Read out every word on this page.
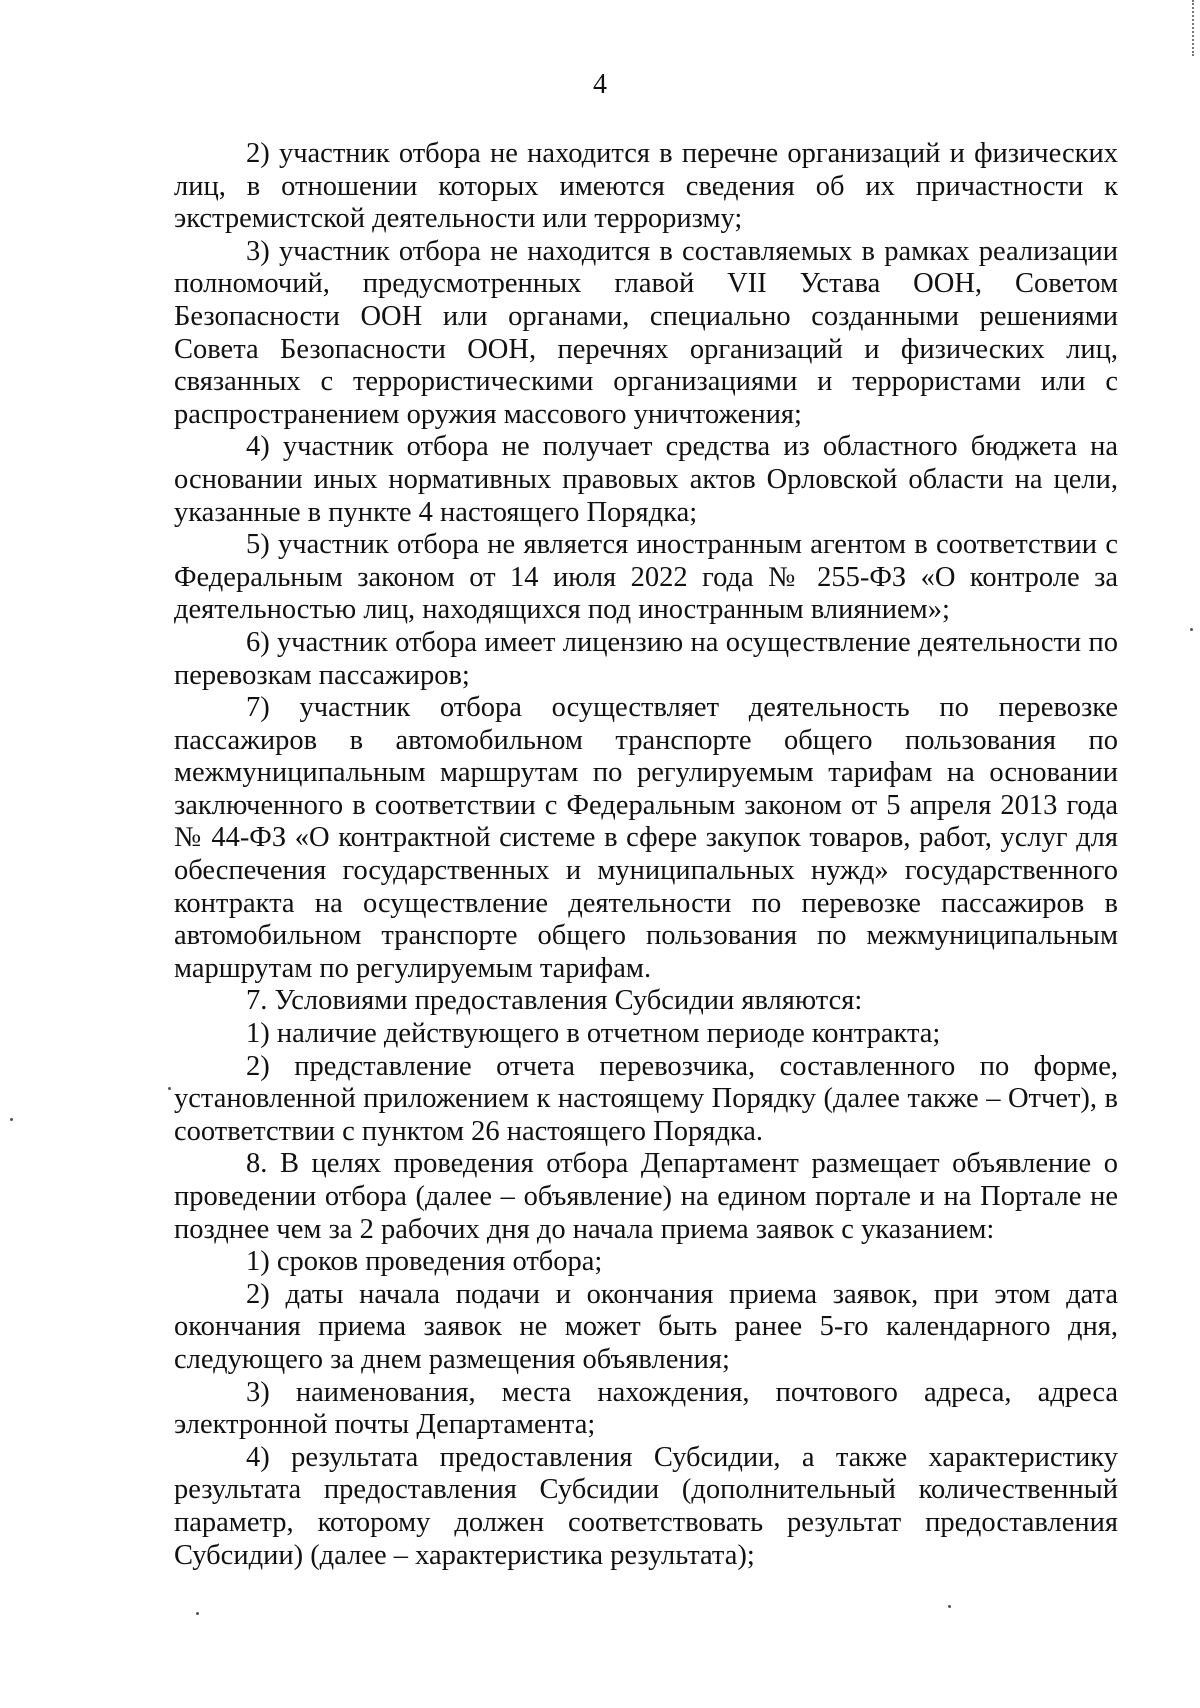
4

2) участник отбора не находится в перечне организаций и физических лиц, в отношении которых имеются сведения об их причастности к экстремистской деятельности или терроризму;

3) участник отбора не находится в составляемых в рамках реализации полномочий, предусмотренных главой VII Устава ООН, Советом Безопасности ООН или органами, специально созданными решениями Совета Безопасности ООН, перечнях организаций и физических лиц, связанных с террористическими организациями и террористами или с распространением оружия массового уничтожения;

4) участник отбора не получает средства из областного бюджета на основании иных нормативных правовых актов Орловской области на цели, указанные в пункте 4 настоящего Порядка;

5) участник отбора не является иностранным агентом в соответствии с Федеральным законом от 14 июля 2022 года № 255-ФЗ «О контроле за деятельностью лиц, находящихся под иностранным влиянием»;

6) участник отбора имеет лицензию на осуществление деятельности по перевозкам пассажиров;

7) участник отбора осуществляет деятельность по перевозке пассажиров в автомобильном транспорте общего пользования по межмуниципальным маршрутам по регулируемым тарифам на основании заключенного в соответствии с Федеральным законом от 5 апреля 2013 года № 44-ФЗ «О контрактной системе в сфере закупок товаров, работ, услуг для обеспечения государственных и муниципальных нужд» государственного контракта на осуществление деятельности по перевозке пассажиров в автомобильном транспорте общего пользования по межмуниципальным маршрутам по регулируемым тарифам.

7. Условиями предоставления Субсидии являются:

1) наличие действующего в отчетном периоде контракта;

2) представление отчета перевозчика, составленного по форме, установленной приложением к настоящему Порядку (далее также – Отчет), в соответствии с пунктом 26 настоящего Порядка.

8. В целях проведения отбора Департамент размещает объявление о проведении отбора (далее – объявление) на едином портале и на Портале не позднее чем за 2 рабочих дня до начала приема заявок с указанием:

1) сроков проведения отбора;

2) даты начала подачи и окончания приема заявок, при этом дата окончания приема заявок не может быть ранее 5-го календарного дня, следующего за днем размещения объявления;

3) наименования, места нахождения, почтового адреса, адреса электронной почты Департамента;

4) результата предоставления Субсидии, а также характеристику результата предоставления Субсидии (дополнительный количественный параметр, которому должен соответствовать результат предоставления Субсидии) (далее – характеристика результата);
